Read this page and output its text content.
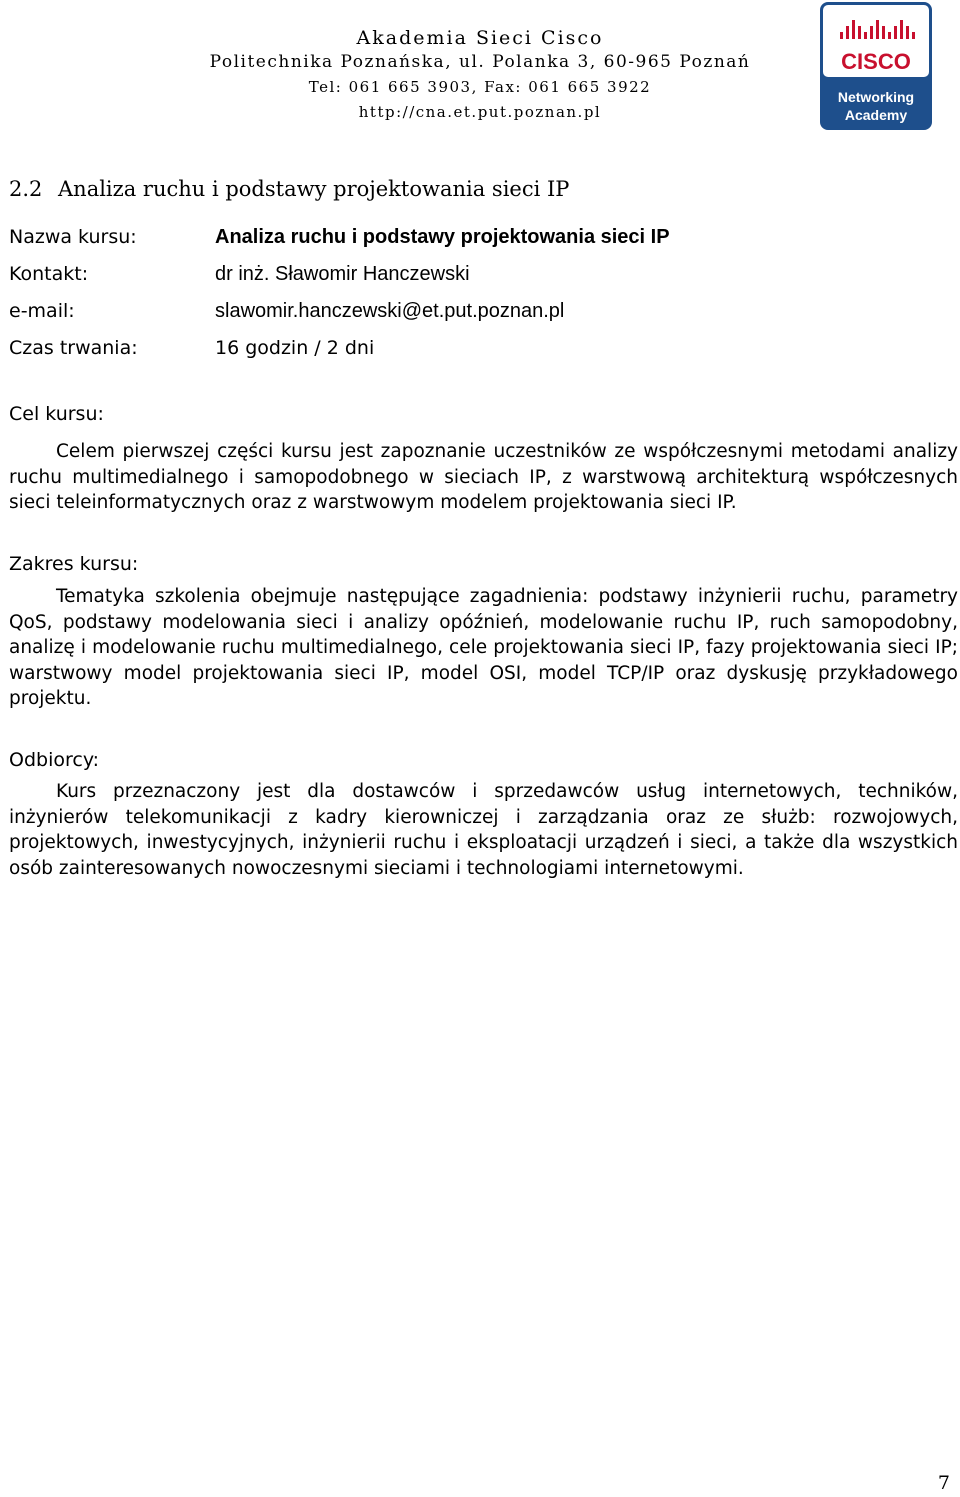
Akademia Sieci Cisco
Politechnika Poznańska, ul. Polanka 3, 60-965 Poznań
Tel: 061 665 3903, Fax: 061 665 3922
http://cna.et.put.poznan.pl
CISCO
Networking
Academy
2.2 Analiza ruchu i podstawy projektowania sieci IP
Nazwa kursu:	Analiza ruchu i podstawy projektowania sieci IP
Kontakt:	dr inż. Sławomir Hanczewski
e-mail:	slawomir.hanczewski@et.put.poznan.pl
Czas trwania:	16 godzin / 2 dni
Cel kursu:
Celem pierwszej części kursu jest zapoznanie uczestników ze współczesnymi metodami analizy ruchu multimedialnego i samopodobnego w sieciach IP, z warstwową architekturą współczesnych sieci teleinformatycznych oraz z warstwowym modelem projektowania sieci IP.
Zakres kursu:
Tematyka szkolenia obejmuje następujące zagadnienia: podstawy inżynierii ruchu, parametry QoS, podstawy modelowania sieci i analizy opóźnień, modelowanie ruchu IP, ruch samopodobny, analizę i modelowanie ruchu multimedialnego, cele projektowania sieci IP, fazy projektowania sieci IP; warstwowy model projektowania sieci IP, model OSI, model TCP/IP oraz dyskusję przykładowego projektu.
Odbiorcy:
Kurs przeznaczony jest dla dostawców i sprzedawców usług internetowych, techników, inżynierów telekomunikacji z kadry kierowniczej i zarządzania oraz ze służb: rozwojowych, projektowych, inwestycyjnych, inżynierii ruchu i eksploatacji urządzeń i sieci, a także dla wszystkich osób zainteresowanych nowoczesnymi sieciami i technologiami internetowymi.
7
